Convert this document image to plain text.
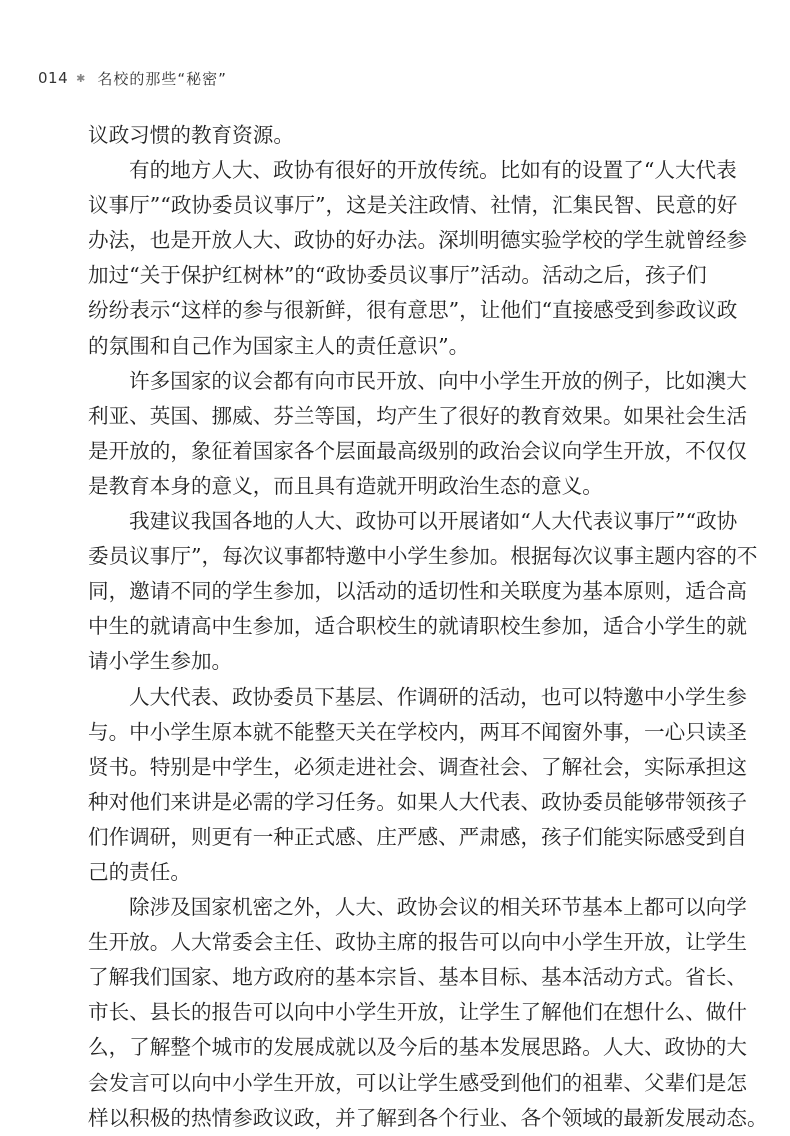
014 ✱ 名校的那些“秘密”
议政习惯的教育资源。
有的地方人大、政协有很好的开放传统。比如有的设置了“人大代表
议事厅”“政协委员议事厅”，这是关注政情、社情，汇集民智、民意的好
办法，也是开放人大、政协的好办法。深圳明德实验学校的学生就曾经参
加过“关于保护红树林”的“政协委员议事厅”活动。活动之后，孩子们
纷纷表示“这样的参与很新鲜，很有意思”，让他们“直接感受到参政议政
的氛围和自己作为国家主人的责任意识”。
许多国家的议会都有向市民开放、向中小学生开放的例子，比如澳大
利亚、英国、挪威、芬兰等国，均产生了很好的教育效果。如果社会生活
是开放的，象征着国家各个层面最高级别的政治会议向学生开放，不仅仅
是教育本身的意义，而且具有造就开明政治生态的意义。
我建议我国各地的人大、政协可以开展诸如“人大代表议事厅”“政协
委员议事厅”，每次议事都特邀中小学生参加。根据每次议事主题内容的不
同，邀请不同的学生参加，以活动的适切性和关联度为基本原则，适合高
中生的就请高中生参加，适合职校生的就请职校生参加，适合小学生的就
请小学生参加。
人大代表、政协委员下基层、作调研的活动，也可以特邀中小学生参
与。中小学生原本就不能整天关在学校内，两耳不闻窗外事，一心只读圣
贤书。特别是中学生，必须走进社会、调查社会、了解社会，实际承担这
种对他们来讲是必需的学习任务。如果人大代表、政协委员能够带领孩子
们作调研，则更有一种正式感、庄严感、严肃感，孩子们能实际感受到自
己的责任。
除涉及国家机密之外，人大、政协会议的相关环节基本上都可以向学
生开放。人大常委会主任、政协主席的报告可以向中小学生开放，让学生
了解我们国家、地方政府的基本宗旨、基本目标、基本活动方式。省长、
市长、县长的报告可以向中小学生开放，让学生了解他们在想什么、做什
么，了解整个城市的发展成就以及今后的基本发展思路。人大、政协的大
会发言可以向中小学生开放，可以让学生感受到他们的祖辈、父辈们是怎
样以积极的热情参政议政，并了解到各个行业、各个领域的最新发展动态。
